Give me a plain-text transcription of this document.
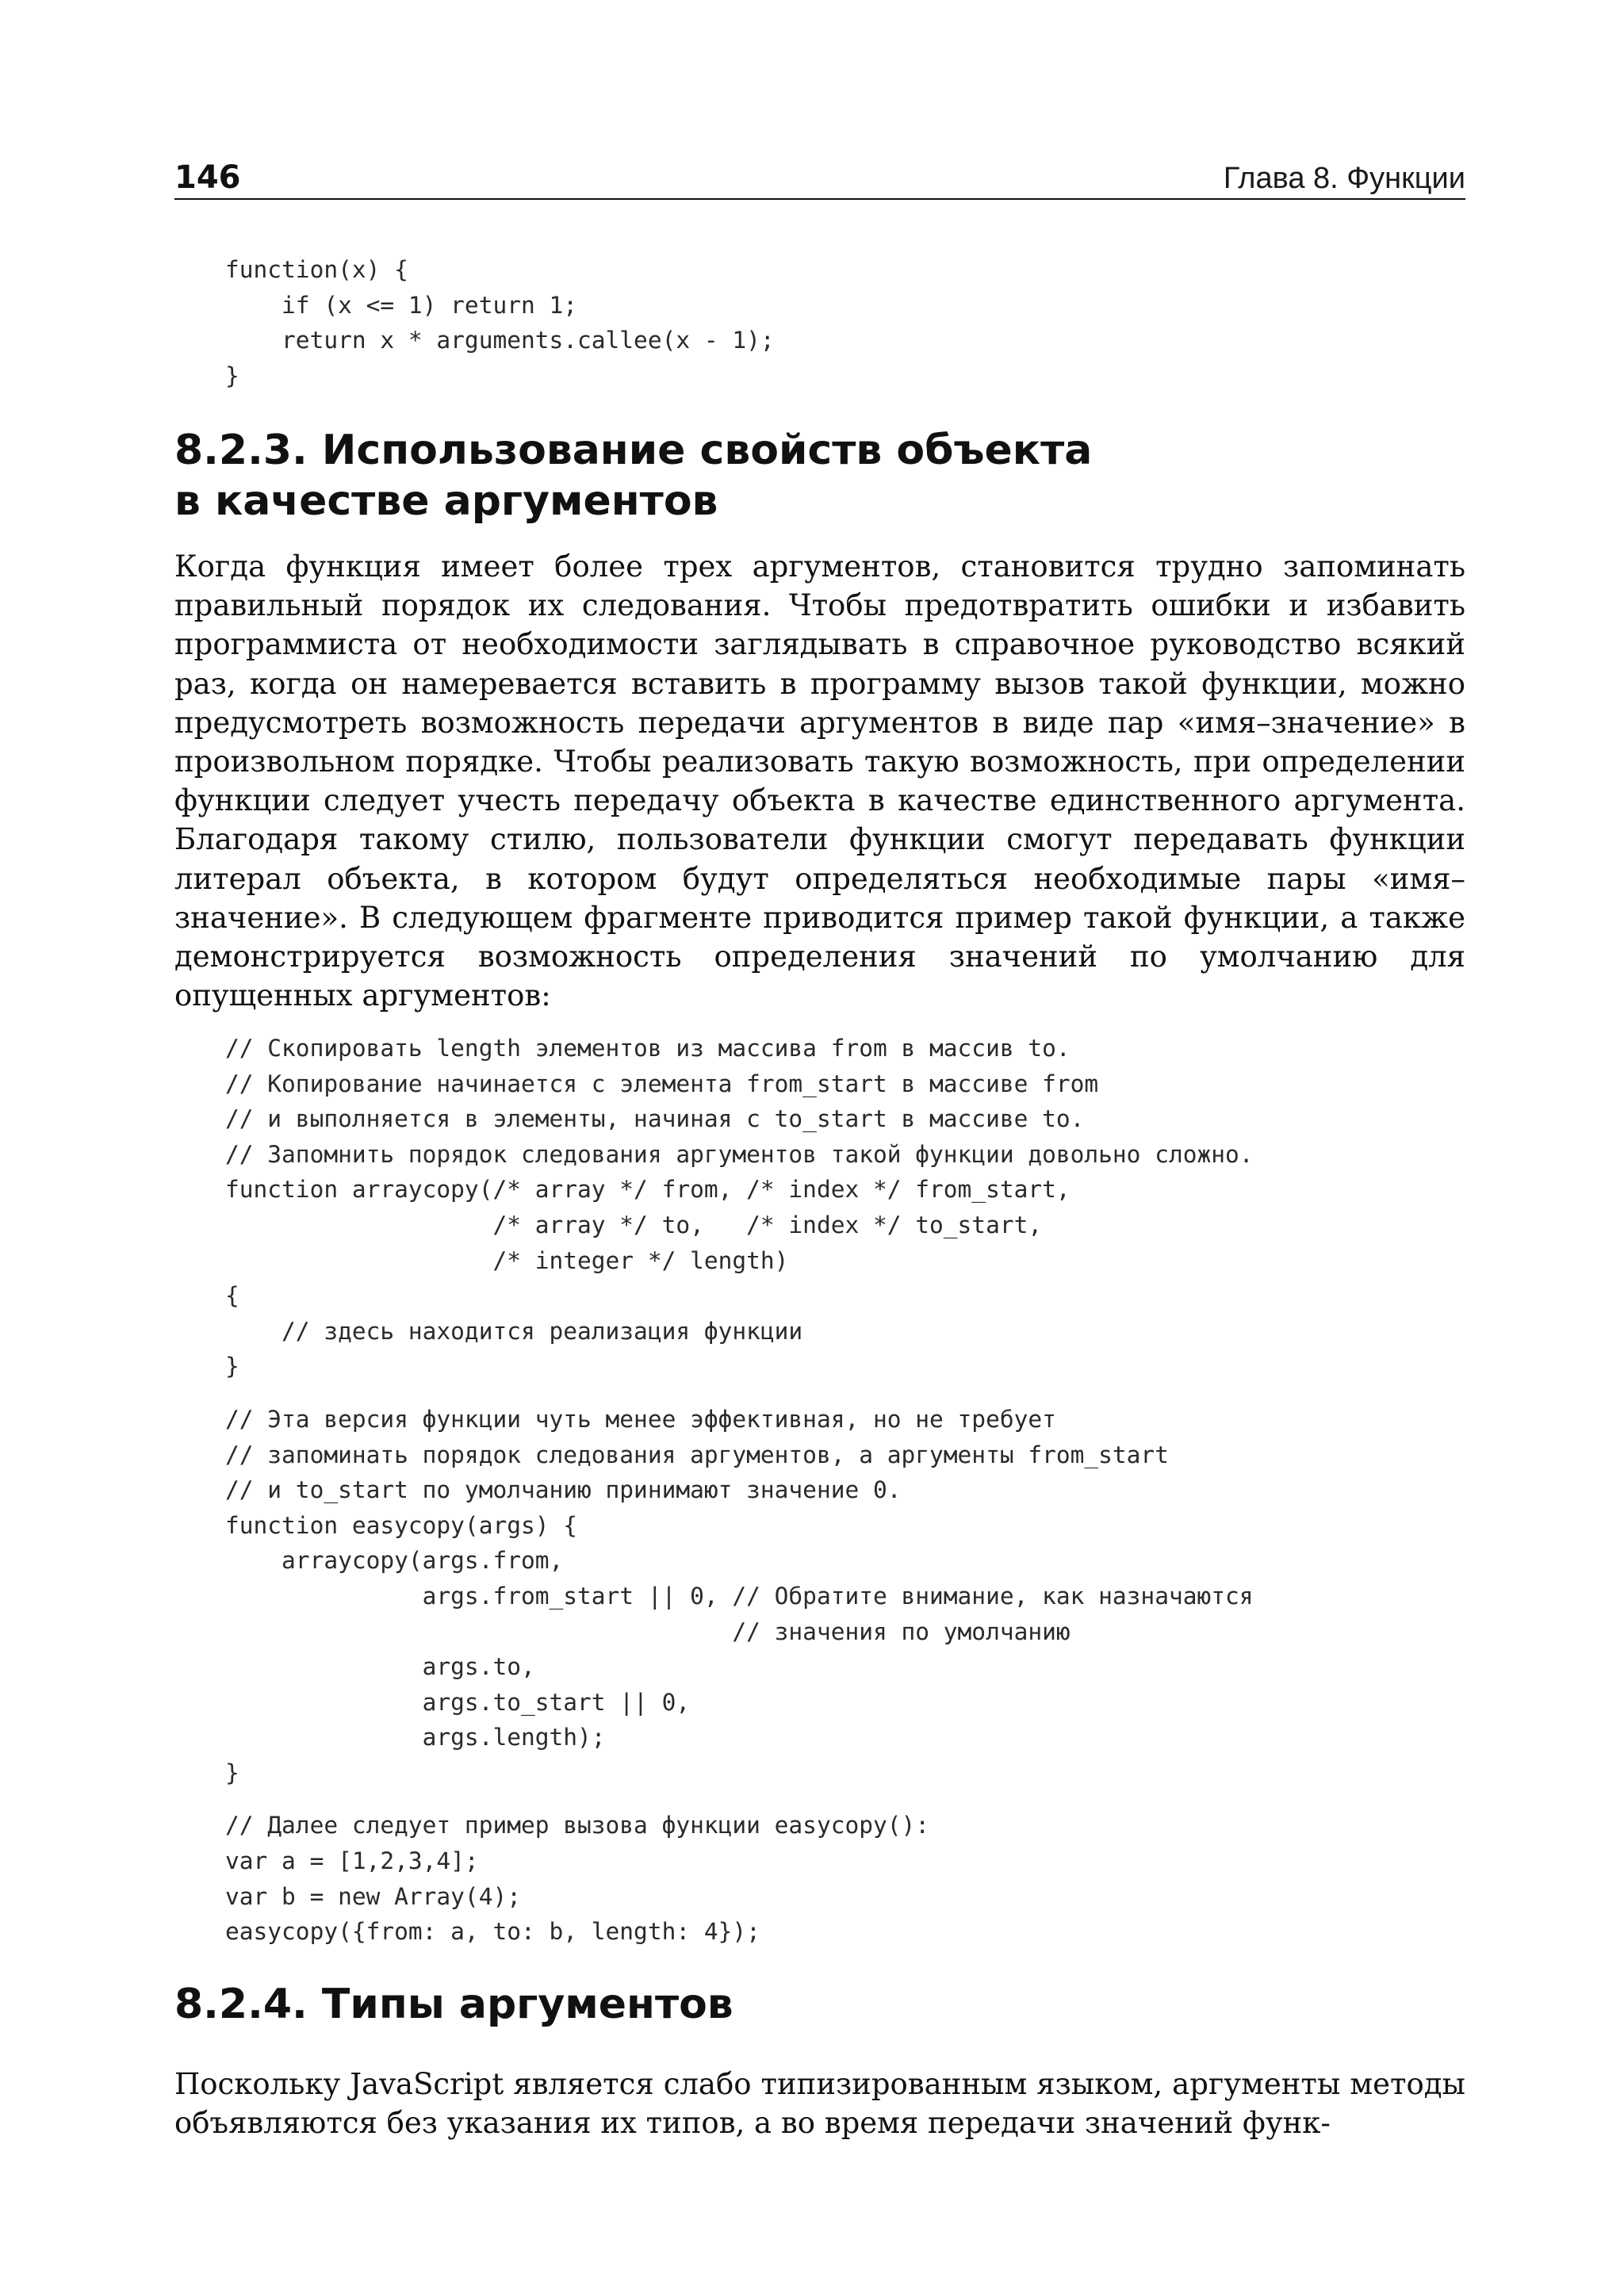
146	Глава 8. Функции
function(x) {
if (x <= 1) return 1;
return x * arguments.callee(x - 1);
}
8.2.3. Использование свойств объекта
в качестве аргументов

Когда функция имеет более трех аргументов, становится трудно запоминать правильный порядок их следования. Чтобы предотвратить ошибки и избавить программиста от необходимости заглядывать в справочное руководство всякий раз, когда он намеревается вставить в программу вызов такой функции, можно предусмотреть возможность передачи аргументов в виде пар «имя–значение» в произвольном порядке. Чтобы реализовать такую возможность, при определении функции следует учесть передачу объекта в качестве единственного аргумента. Благодаря такому стилю, пользователи функции смогут передавать функции литерал объекта, в котором будут определяться необходимые пары «имя–значение». В следующем фрагменте приводится пример такой функции, а также демонстрируется возможность определения значений по умолчанию для опущенных аргументов:

// Скопировать length элементов из массива from в массив to.
// Копирование начинается с элемента from_start в массиве from
// и выполняется в элементы, начиная с to_start в массиве to.
// Запомнить порядок следования аргументов такой функции довольно сложно.
function arraycopy(/* array */ from, /* index */ from_start,
/* array */ to,   /* index */ to_start,
/* integer */ length)
{
// здесь находится реализация функции
}
// Эта версия функции чуть менее эффективная, но не требует
// запоминать порядок следования аргументов, а аргументы from_start
// и to_start по умолчанию принимают значение 0.
function easycopy(args) {
arraycopy(args.from,
args.from_start || 0, // Обратите внимание, как назначаются
// значения по умолчанию
args.to,
args.to_start || 0,
args.length);
}
// Далее следует пример вызова функции easycopy():
var a = [1,2,3,4];
var b = new Array(4);
easycopy({from: a, to: b, length: 4});
8.2.4. Типы аргументов

Поскольку JavaScript является слабо типизированным языком, аргументы методы объявляются без указания их типов, а во время передачи значений функ-
